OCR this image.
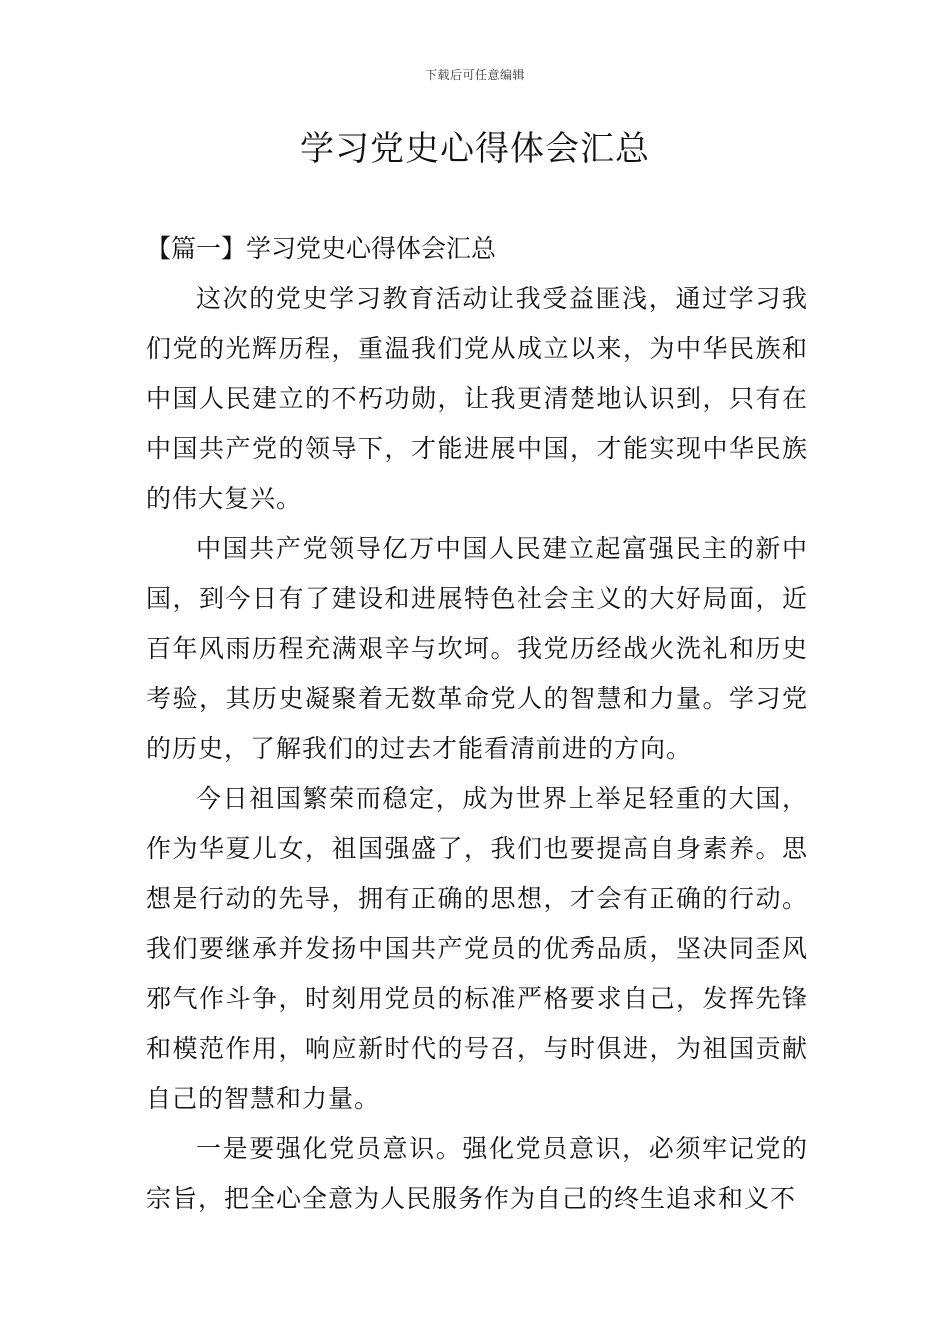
下载后可任意编辑
学习党史心得体会汇总

【篇一】学习党史心得体会汇总

这次的党史学习教育活动让我受益匪浅，通过学习我们党的光辉历程，重温我们党从成立以来，为中华民族和中国人民建立的不朽功勋，让我更清楚地认识到，只有在中国共产党的领导下，才能进展中国，才能实现中华民族的伟大复兴。

中国共产党领导亿万中国人民建立起富强民主的新中国，到今日有了建设和进展特色社会主义的大好局面，近百年风雨历程充满艰辛与坎坷。我党历经战火洗礼和历史考验，其历史凝聚着无数革命党人的智慧和力量。学习党的历史，了解我们的过去才能看清前进的方向。

今日祖国繁荣而稳定，成为世界上举足轻重的大国，作为华夏儿女，祖国强盛了，我们也要提高自身素养。思想是行动的先导，拥有正确的思想，才会有正确的行动。我们要继承并发扬中国共产党员的优秀品质，坚决同歪风邪气作斗争，时刻用党员的标准严格要求自己，发挥先锋和模范作用，响应新时代的号召，与时俱进，为祖国贡献自己的智慧和力量。

一是要强化党员意识。强化党员意识，必须牢记党的宗旨，把全心全意为人民服务作为自己的终生追求和义不
